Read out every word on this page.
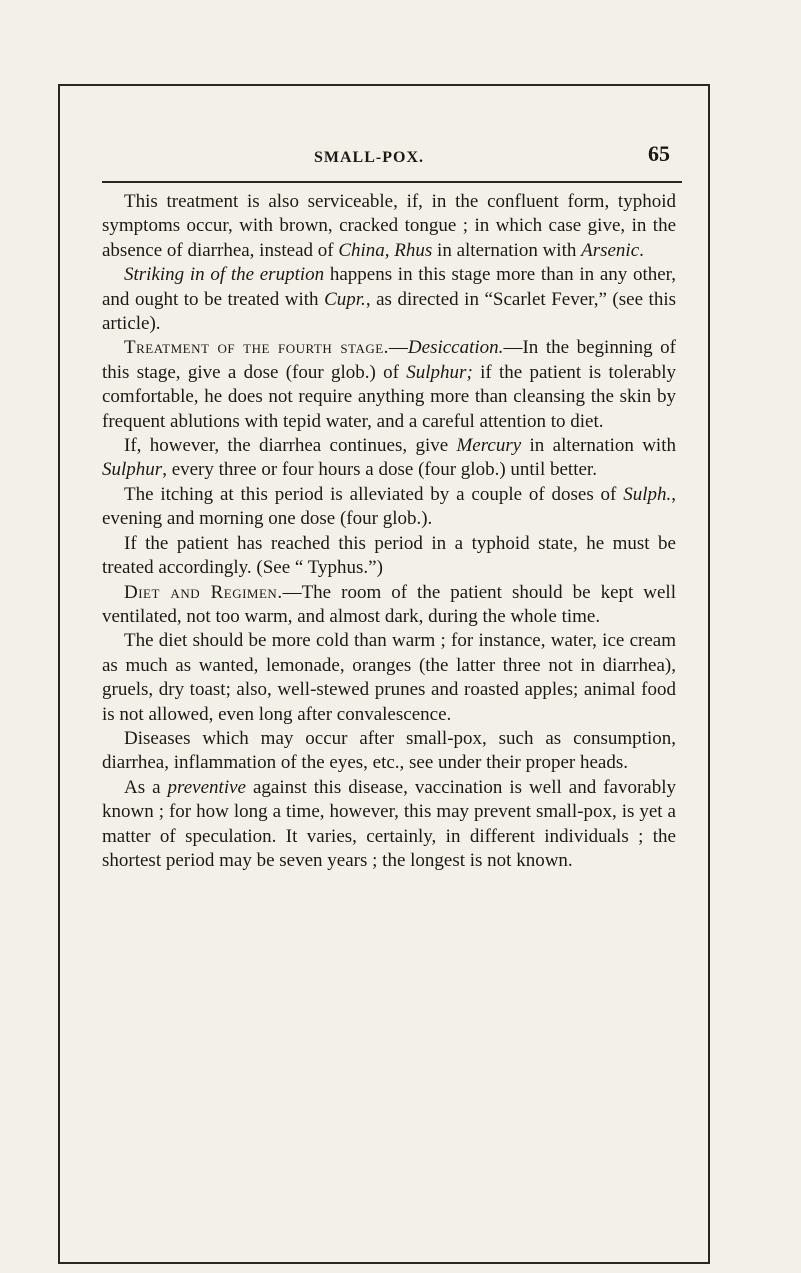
SMALL-POX.	65

This treatment is also serviceable, if, in the confluent form, typhoid symptoms occur, with brown, cracked tongue ; in which case give, in the absence of diarrhea, instead of China, Rhus in alternation with Arsenic.

Striking in of the eruption happens in this stage more than in any other, and ought to be treated with Cupr., as directed in “Scarlet Fever,” (see this article).

Treatment of the fourth stage.—Desiccation.—In the beginning of this stage, give a dose (four glob.) of Sulphur; if the patient is tolerably comfortable, he does not require anything more than cleansing the skin by frequent ablutions with tepid water, and a careful attention to diet.

If, however, the diarrhea continues, give Mercury in alternation with Sulphur, every three or four hours a dose (four glob.) until better.

The itching at this period is alleviated by a couple of doses of Sulph., evening and morning one dose (four glob.).

If the patient has reached this period in a typhoid state, he must be treated accordingly. (See “ Typhus.”)

Diet and Regimen.—The room of the patient should be kept well ventilated, not too warm, and almost dark, during the whole time.

The diet should be more cold than warm ; for instance, water, ice cream as much as wanted, lemonade, oranges (the latter three not in diarrhea), gruels, dry toast; also, well-stewed prunes and roasted apples; animal food is not allowed, even long after convalescence.

Diseases which may occur after small-pox, such as consumption, diarrhea, inflammation of the eyes, etc., see under their proper heads.

As a preventive against this disease, vaccination is well and favorably known ; for how long a time, however, this may prevent small-pox, is yet a matter of speculation. It varies, certainly, in different individuals ; the shortest period may be seven years ; the longest is not known.
